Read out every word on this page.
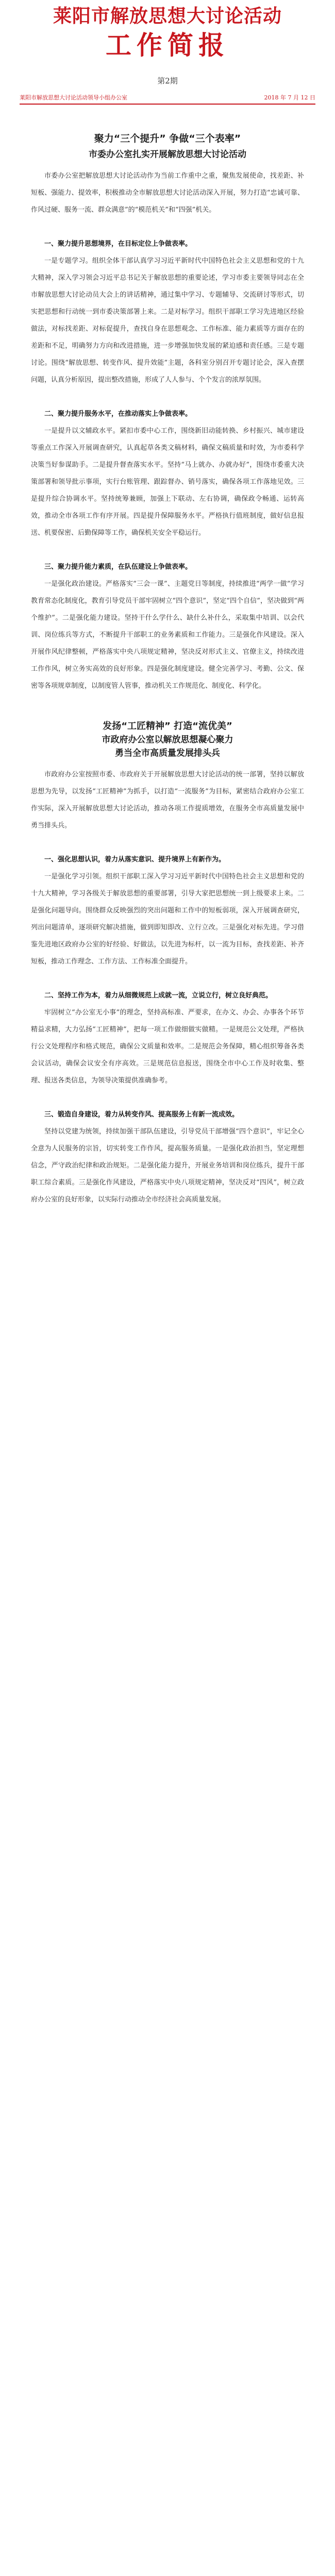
莱阳市解放思想大讨论活动
工作简报
第2期
莱阳市解放思想大讨论活动领导小组办公室	2018 年 7 月 12 日
聚力“三个提升” 争做“三个表率”
市委办公室扎实开展解放思想大讨论活动

市委办公室把解放思想大讨论活动作为当前工作重中之重，聚焦发展使命，找差距、补短板、强能力、提效率，积极推动全市解放思想大讨论活动深入开展，努力打造“忠诚可靠、作风过硬、服务一流、群众满意”的“模范机关”和“四强”机关。

一、聚力提升思想境界，在目标定位上争做表率。

一是专题学习。组织全体干部认真学习习近平新时代中国特色社会主义思想和党的十九大精神，深入学习领会习近平总书记关于解放思想的重要论述，学习市委主要领导同志在全市解放思想大讨论动员大会上的讲话精神，通过集中学习、专题辅导、交流研讨等形式，切实把思想和行动统一到市委决策部署上来。二是对标学习。组织干部职工学习先进地区经验做法，对标找差距、对标促提升，查找自身在思想观念、工作标准、能力素质等方面存在的差距和不足，明确努力方向和改进措施，进一步增强加快发展的紧迫感和责任感。三是专题讨论。围绕“解放思想、转变作风、提升效能”主题，各科室分别召开专题讨论会，深入查摆问题，认真分析原因，提出整改措施，形成了人人参与、个个发言的浓厚氛围。

二、聚力提升服务水平，在推动落实上争做表率。

一是提升以文辅政水平。紧扣市委中心工作，围绕新旧动能转换、乡村振兴、城市建设等重点工作深入开展调查研究，认真起草各类文稿材料，确保文稿质量和时效，为市委科学决策当好参谋助手。二是提升督查落实水平。坚持“马上就办、办就办好”，围绕市委重大决策部署和领导批示事项，实行台账管理、跟踪督办、销号落实，确保各项工作落地见效。三是提升综合协调水平。坚持统筹兼顾，加强上下联动、左右协调，确保政令畅通、运转高效，推动全市各项工作有序开展。四是提升保障服务水平。严格执行值班制度，做好信息报送、机要保密、后勤保障等工作，确保机关安全平稳运行。

三、聚力提升能力素质，在队伍建设上争做表率。

一是强化政治建设。严格落实“三会一课”、主题党日等制度，持续推进“两学一做”学习教育常态化制度化，教育引导党员干部牢固树立“四个意识”，坚定“四个自信”，坚决做到“两个维护”。二是强化能力建设。坚持干什么学什么、缺什么补什么，采取集中培训、以会代训、岗位练兵等方式，不断提升干部职工的业务素质和工作能力。三是强化作风建设。深入开展作风纪律整顿，严格落实中央八项规定精神，坚决反对形式主义、官僚主义，持续改进工作作风，树立务实高效的良好形象。四是强化制度建设。健全完善学习、考勤、公文、保密等各项规章制度，以制度管人管事，推动机关工作规范化、制度化、科学化。

发扬“工匠精神” 打造“流优美”
市政府办公室以解放思想凝心聚力
勇当全市高质量发展排头兵

市政府办公室按照市委、市政府关于开展解放思想大讨论活动的统一部署，坚持以解放思想为先导，以发扬“工匠精神”为抓手，以打造“一流服务”为目标，紧密结合政府办公室工作实际，深入开展解放思想大讨论活动，推动各项工作提质增效，在服务全市高质量发展中勇当排头兵。

一、强化思想认识，着力从落实意识、提升境界上有新作为。

一是强化学习引领。组织干部职工深入学习习近平新时代中国特色社会主义思想和党的十九大精神，学习各级关于解放思想的重要部署，引导大家把思想统一到上级要求上来。二是强化问题导向。围绕群众反映强烈的突出问题和工作中的短板弱项，深入开展调查研究，列出问题清单，逐项研究解决措施，做到即知即改、立行立改。三是强化对标先进。学习借鉴先进地区政府办公室的好经验、好做法，以先进为标杆，以一流为目标，查找差距、补齐短板，推动工作理念、工作方法、工作标准全面提升。

二、坚持工作为本，着力从细微规范上成就一流，立说立行，树立良好典范。

牢固树立“办公室无小事”的理念，坚持高标准、严要求，在办文、办会、办事各个环节精益求精，大力弘扬“工匠精神”，把每一项工作做细做实做精。一是规范公文处理，严格执行公文处理程序和格式规范，确保公文质量和效率。二是规范会务保障，精心组织筹备各类会议活动，确保会议安全有序高效。三是规范信息报送，围绕全市中心工作及时收集、整理、报送各类信息，为领导决策提供准确参考。

三、锻造自身建设，着力从转变作风、提高服务上有新一流成效。

坚持以党建为统领，持续加强干部队伍建设，引导党员干部增强“四个意识”，牢记全心全意为人民服务的宗旨，切实转变工作作风，提高服务质量。一是强化政治担当，坚定理想信念，严守政治纪律和政治规矩。二是强化能力提升，开展业务培训和岗位练兵，提升干部职工综合素质。三是强化作风建设，严格落实中央八项规定精神，坚决反对“四风”，树立政府办公室的良好形象，以实际行动推动全市经济社会高质量发展。
